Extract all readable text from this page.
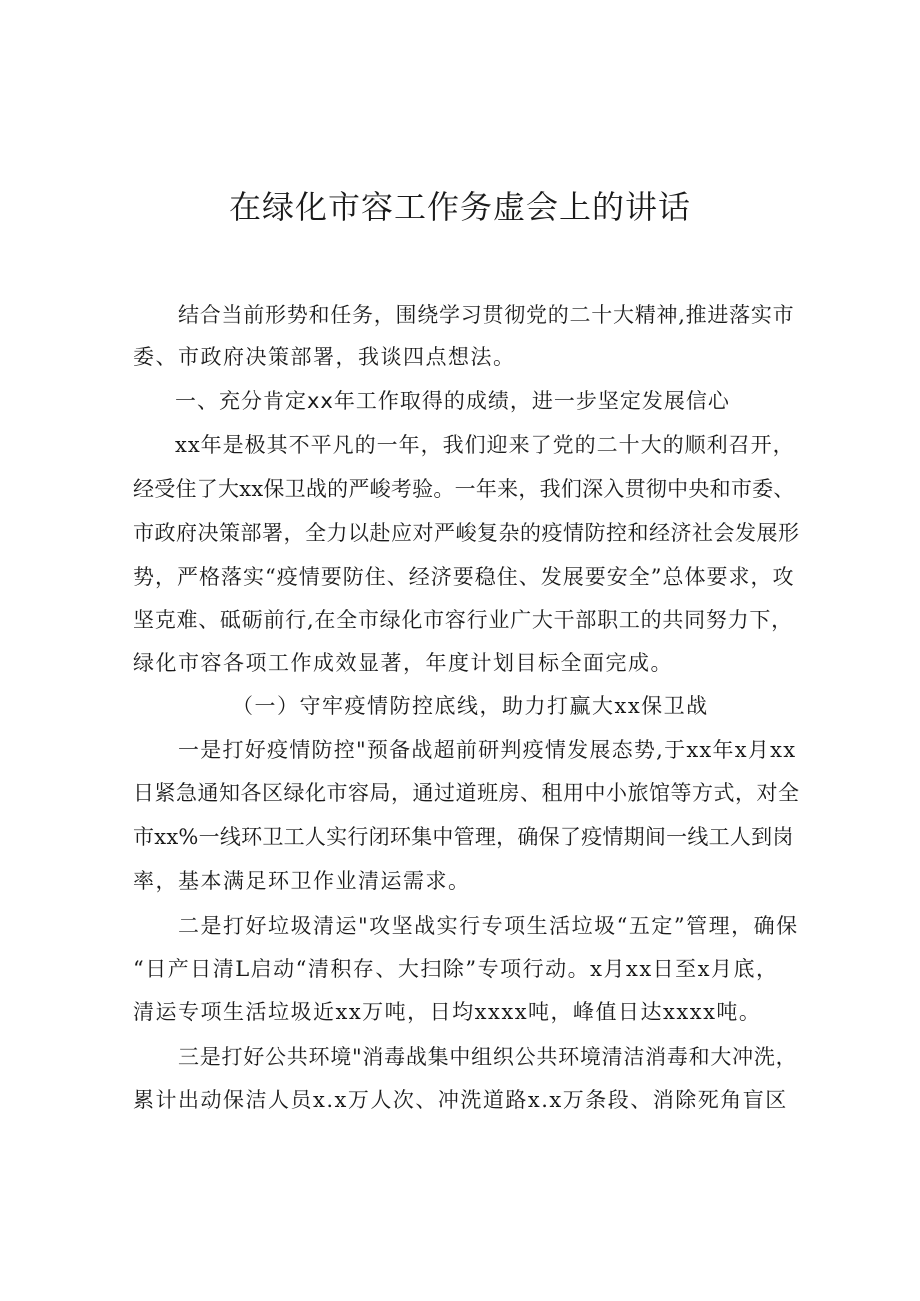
在绿化市容工作务虚会上的讲话

结合当前形势和任务，围绕学习贯彻党的二十大精神,推进落实市

委、市政府决策部署，我谈四点想法。

一、充分肯定xx年工作取得的成绩，进一步坚定发展信心

xx年是极其不平凡的一年，我们迎来了党的二十大的顺利召开，

经受住了大xx保卫战的严峻考验。一年来，我们深入贯彻中央和市委、

市政府决策部署，全力以赴应对严峻复杂的疫情防控和经济社会发展形

势，严格落实“疫情要防住、经济要稳住、发展要安全”总体要求，攻

坚克难、砥砺前行,在全市绿化市容行业广大干部职工的共同努力下，

绿化市容各项工作成效显著，年度计划目标全面完成。

（一）守牢疫情防控底线，助力打赢大xx保卫战

一是打好疫情防控"预备战超前研判疫情发展态势,于xx年x月xx

日紧急通知各区绿化市容局，通过道班房、租用中小旅馆等方式，对全

市xx%一线环卫工人实行闭环集中管理，确保了疫情期间一线工人到岗

率，基本满足环卫作业清运需求。

二是打好垃圾清运"攻坚战实行专项生活垃圾“五定”管理，确保

“日产日清L启动“清积存、大扫除”专项行动。x月xx日至x月底，

清运专项生活垃圾近xx万吨，日均xxxx吨，峰值日达xxxx吨。

三是打好公共环境"消毒战集中组织公共环境清洁消毒和大冲洗，

累计出动保洁人员x.x万人次、冲洗道路x.x万条段、消除死角盲区
